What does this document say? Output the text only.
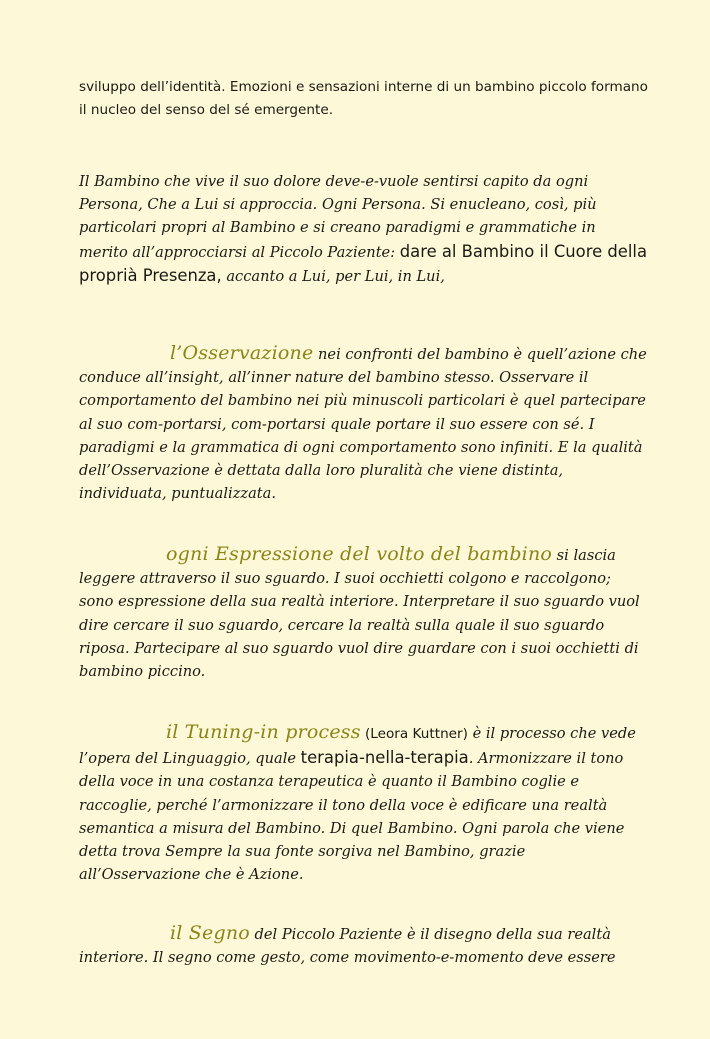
sviluppo dell’identità. Emozioni e sensazioni interne di un bambino piccolo formano il nucleo del senso del sé emergente.

Il Bambino che vive il suo dolore deve-e-vuole sentirsi capito da ogni Persona, Che a Lui si approccia. Ogni Persona. Si enucleano, così, più particolari propri al Bambino e si creano paradigmi e grammatiche in merito all’approcciarsi al Piccolo Paziente: dare al Bambino il Cuore della propriа̀ Presenza, accanto a Lui, per Lui, in Lui,

l’Osservazione nei confronti del bambino è quell’azione che conduce all’insight, all’inner nature del bambino stesso. Osservare il comportamento del bambino nei più minuscoli particolari è quel partecipare al suo com-portarsi, com-portarsi quale portare il suo essere con sé. I paradigmi e la grammatica di ogni comportamento sono infiniti. E la qualità dell’Osservazione è dettata dalla loro pluralità che viene distinta, individuata, puntualizzata.

ogni Espressione del volto del bambino si lascia leggere attraverso il suo sguardo. I suoi occhietti colgono e raccolgono; sono espressione della sua realtà interiore. Interpretare il suo sguardo vuol dire cercare il suo sguardo, cercare la realtà sulla quale il suo sguardo riposa. Partecipare al suo sguardo vuol dire guardare con i suoi occhietti di bambino piccino.

il Tuning-in process (Leora Kuttner) è il processo che vede l’opera del Linguaggio, quale terapia-nella-terapia. Armonizzare il tono della voce in una costanza terapeutica è quanto il Bambino coglie e raccoglie, perché l’armonizzare il tono della voce è edificare una realtà semantica a misura del Bambino. Di quel Bambino. Ogni parola che viene detta trova Sempre la sua fonte sorgiva nel Bambino, grazie all’Osservazione che è Azione.

il Segno del Piccolo Paziente è il disegno della sua realtà interiore. Il segno come gesto, come movimento-e-momento deve essere
